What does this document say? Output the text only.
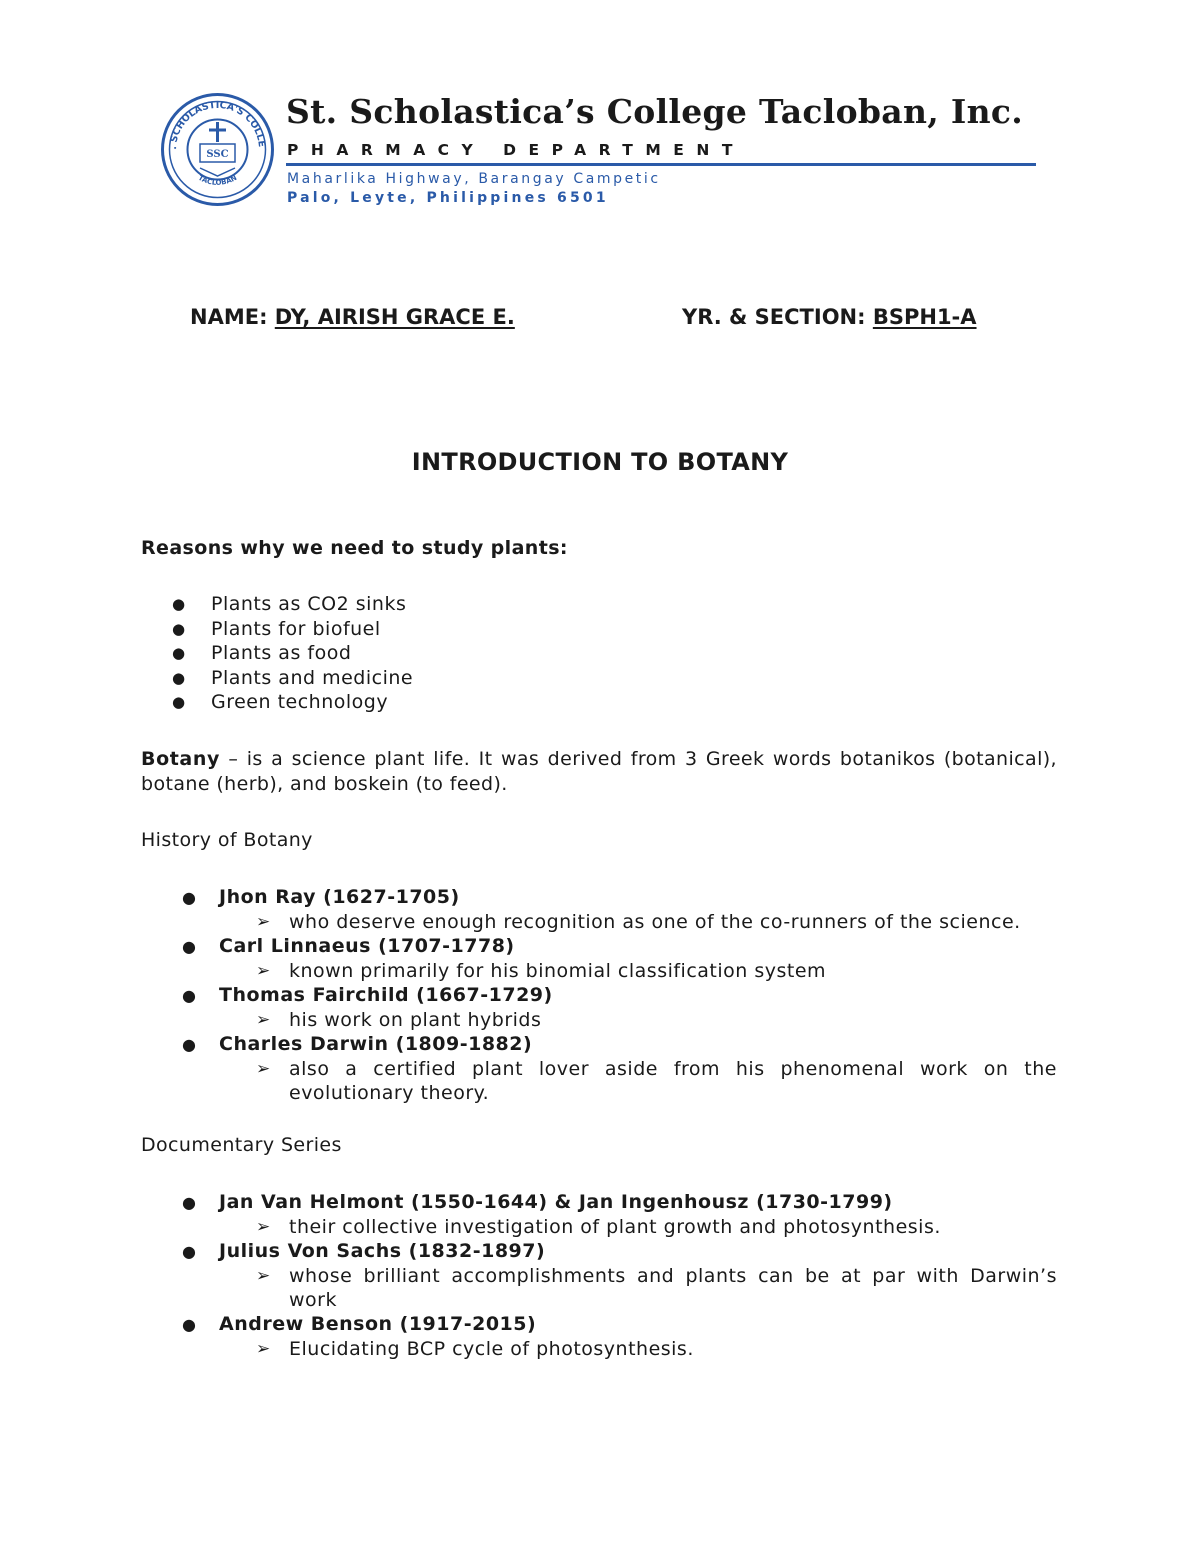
. SCHOLASTICA'S COLLE
TACLOBAN
SSC
St. Scholastica’s College Tacloban, Inc.

PHARMACY DEPARTMENT

Maharlika Highway, Barangay Campetic

Palo, Leyte, Philippines 6501

NAME: DY, AIRISH GRACE E.	YR. & SECTION: BSPH1-A
INTRODUCTION TO BOTANY

Reasons why we need to study plants:

● Plants as CO2 sinks
● Plants for biofuel
● Plants as food
● Plants and medicine
● Green technology

Botany – is a science plant life. It was derived from 3 Greek words botanikos (botanical), botane (herb), and boskein (to feed).

History of Botany

● Jhon Ray (1627-1705)
➢ who deserve enough recognition as one of the co-runners of the science.
● Carl Linnaeus (1707-1778)
➢ known primarily for his binomial classification system
● Thomas Fairchild (1667-1729)
➢ his work on plant hybrids
● Charles Darwin (1809-1882)
➢ also a certified plant lover aside from his phenomenal work on the evolutionary theory.

Documentary Series

● Jan Van Helmont (1550-1644) & Jan Ingenhousz (1730-1799)
➢ their collective investigation of plant growth and photosynthesis.
● Julius Von Sachs (1832-1897)
➢ whose brilliant accomplishments and plants can be at par with Darwin’s work
● Andrew Benson (1917-2015)
➢ Elucidating BCP cycle of photosynthesis.
